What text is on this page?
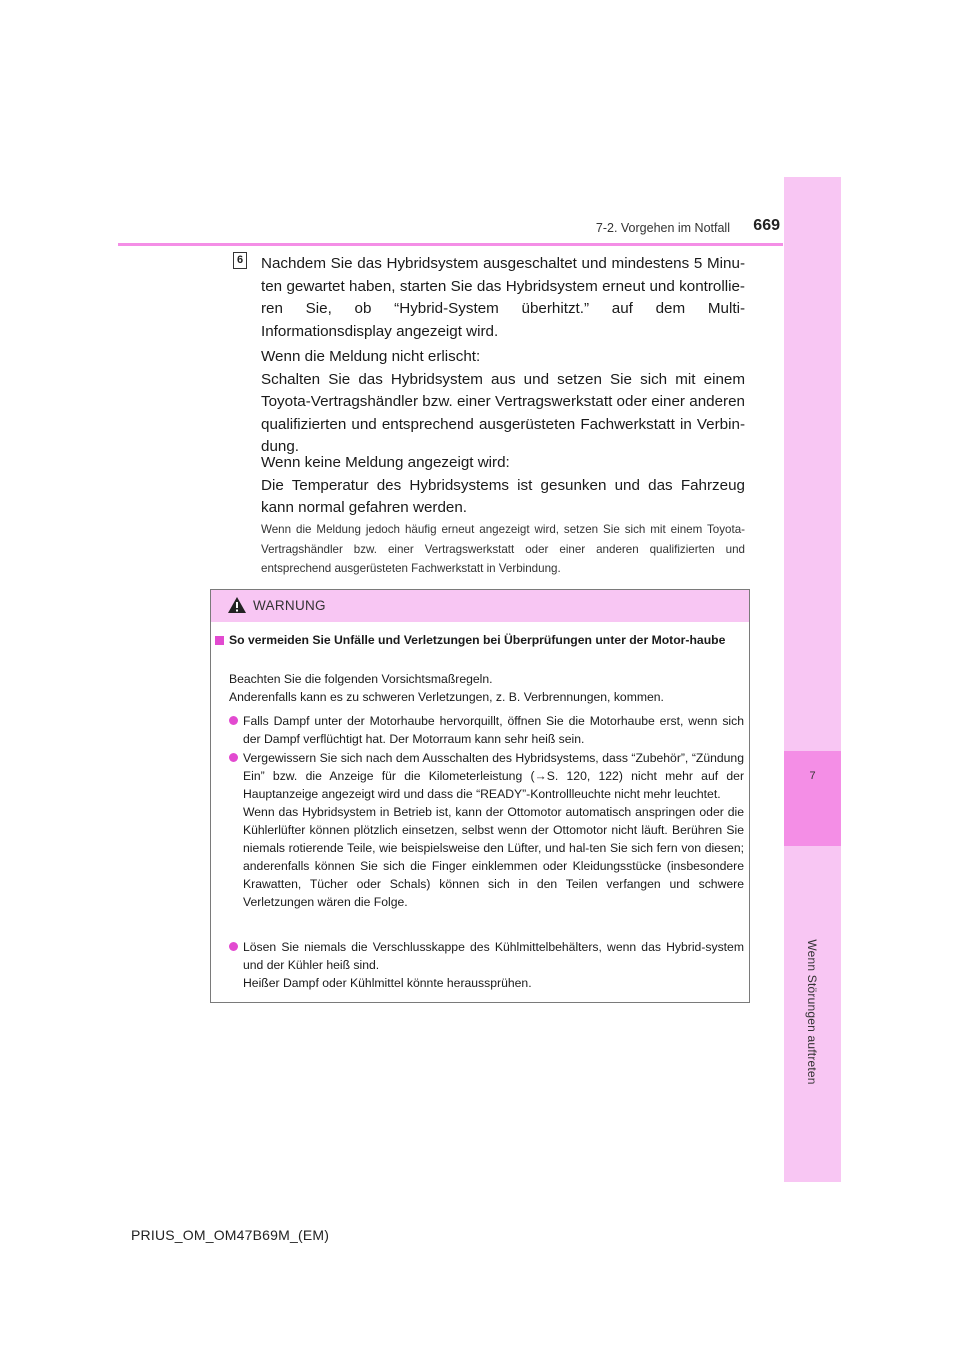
7
Wenn Störungen auftreten
7-2. Vorgehen im Notfall	669
6 Nachdem Sie das Hybridsystem ausgeschaltet und mindestens 5 Minu-ten gewartet haben, starten Sie das Hybridsystem erneut und kontrollie-ren Sie, ob “Hybrid-System überhitzt.” auf dem Multi-Informationsdisplay angezeigt wird.

Wenn die Meldung nicht erlischt:

Schalten Sie das Hybridsystem aus und setzen Sie sich mit einem Toyota-Vertragshändler bzw. einer Vertragswerkstatt oder einer anderen qualifizierten und entsprechend ausgerüsteten Fachwerkstatt in Verbin-dung.

Wenn keine Meldung angezeigt wird:

Die Temperatur des Hybridsystems ist gesunken und das Fahrzeug kann normal gefahren werden.

Wenn die Meldung jedoch häufig erneut angezeigt wird, setzen Sie sich mit einem Toyota-Vertragshändler bzw. einer Vertragswerkstatt oder einer anderen qualifizierten und entsprechend ausgerüsteten Fachwerkstatt in Verbindung.
WARNUNG
So vermeiden Sie Unfälle und Verletzungen bei Überprüfungen unter der Motor-haube
Beachten Sie die folgenden Vorsichtsmaßregeln.
Anderenfalls kann es zu schweren Verletzungen, z. B. Verbrennungen, kommen.
Falls Dampf unter der Motorhaube hervorquillt, öffnen Sie die Motorhaube erst, wenn sich der Dampf verflüchtigt hat. Der Motorraum kann sehr heiß sein.
Vergewissern Sie sich nach dem Ausschalten des Hybridsystems, dass “Zubehör”, “Zündung Ein” bzw. die Anzeige für die Kilometerleistung (→S. 120, 122) nicht mehr auf der Hauptanzeige angezeigt wird und dass die “READY”-Kontrollleuchte nicht mehr leuchtet.
Wenn das Hybridsystem in Betrieb ist, kann der Ottomotor automatisch anspringen oder die Kühlerlüfter können plötzlich einsetzen, selbst wenn der Ottomotor nicht läuft. Berühren Sie niemals rotierende Teile, wie beispielsweise den Lüfter, und hal-ten Sie sich fern von diesen; anderenfalls können Sie sich die Finger einklemmen oder Kleidungsstücke (insbesondere Krawatten, Tücher oder Schals) können sich in den Teilen verfangen und schwere Verletzungen wären die Folge.
Lösen Sie niemals die Verschlusskappe des Kühlmittelbehälters, wenn das Hybrid-system und der Kühler heiß sind.
Heißer Dampf oder Kühlmittel könnte heraussprühen.
PRIUS_OM_OM47B69M_(EM)
